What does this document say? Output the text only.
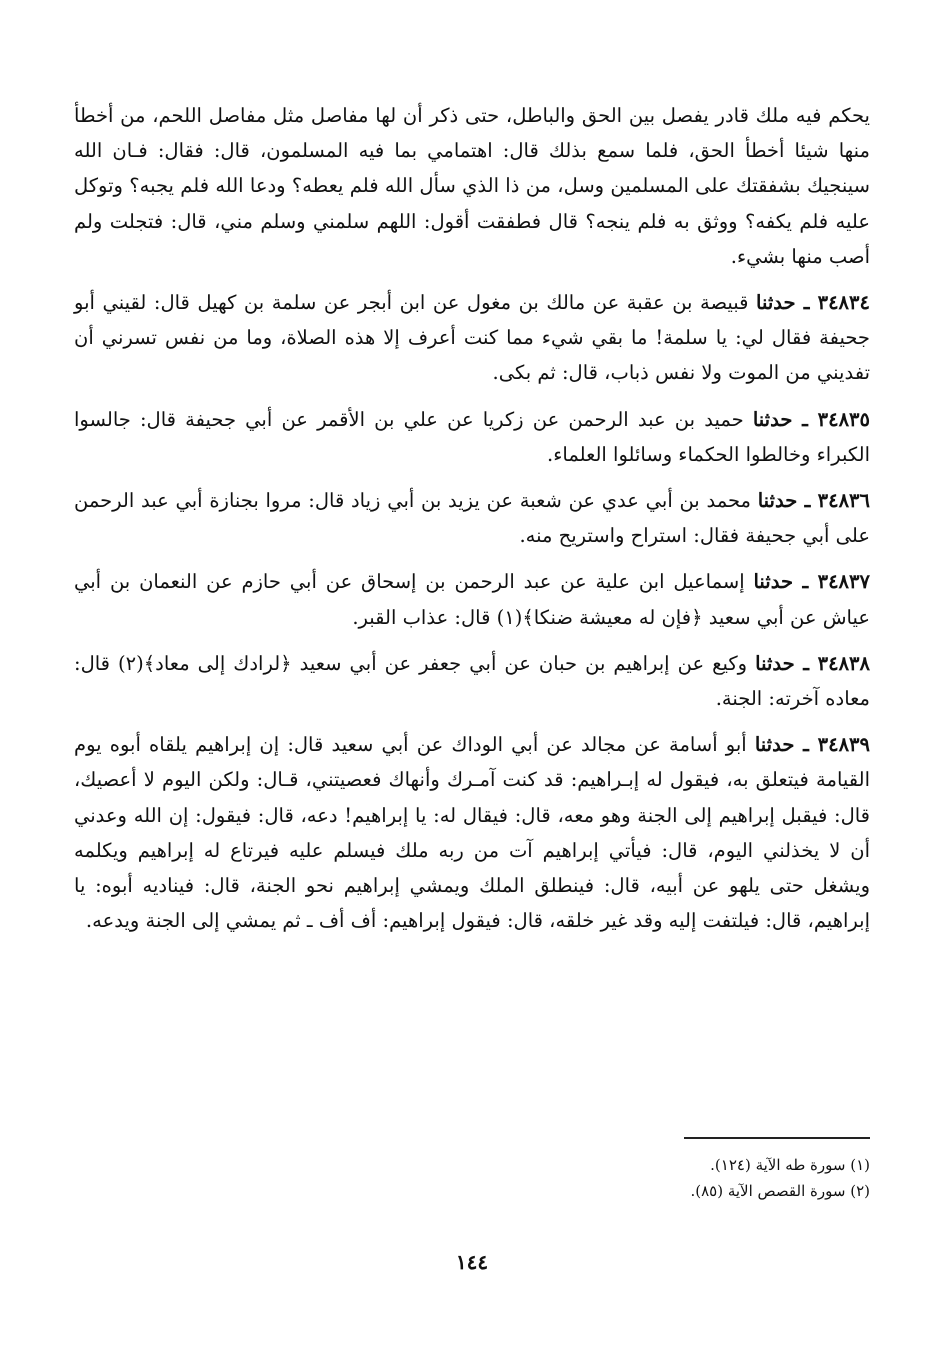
يحكم فيه ملك قادر يفصل بين الحق والباطل، حتى ذكر أن لها مفاصل مثل مفاصل اللحم، من أخطأ منها شيئا أخطأ الحق، فلما سمع بذلك قال: اهتمامي بما فيه المسلمون، قال: فقال: فـان الله سينجيك بشفقتك على المسلمين وسل، من ذا الذي سأل الله فلم يعطه؟ ودعا الله فلم يجبه؟ وتوكل عليه فلم يكفه؟ ووثق به فلم ينجه؟ قال فطفقت أقول: اللهم سلمني وسلم مني، قال: فتجلت ولم أصب منها بشيء.

٣٤٨٣٤ ـ حدثنا قبيصة بن عقبة عن مالك بن مغول عن ابن أبجر عن سلمة بن كهيل قال: لقيني أبو جحيفة فقال لي: يا سلمة! ما بقي شيء مما كنت أعرف إلا هذه الصلاة، وما من نفس تسرني أن تفديني من الموت ولا نفس ذباب، قال: ثم بكى.

٣٤٨٣٥ ـ حدثنا حميد بن عبد الرحمن عن زكريا عن علي بن الأقمر عن أبي جحيفة قال: جالسوا الكبراء وخالطوا الحكماء وسائلوا العلماء.

٣٤٨٣٦ ـ حدثنا محمد بن أبي عدي عن شعبة عن يزيد بن أبي زياد قال: مروا بجنازة أبي عبد الرحمن على أبي جحيفة فقال: استراح واستريح منه.

٣٤٨٣٧ ـ حدثنا إسماعيل ابن علية عن عبد الرحمن بن إسحاق عن أبي حازم عن النعمان بن أبي عياش عن أبي سعيد ﴿فإن له معيشة ضنكا﴾(١) قال: عذاب القبر.

٣٤٨٣٨ ـ حدثنا وكيع عن إبراهيم بن حبان عن أبي جعفر عن أبي سعيد ﴿لرادك إلى معاد﴾(٢) قال: معاده آخرته: الجنة.

٣٤٨٣٩ ـ حدثنا أبو أسامة عن مجالد عن أبي الوداك عن أبي سعيد قال: إن إبراهيم يلقاه أبوه يوم القيامة فيتعلق به، فيقول له إبـراهيم: قد كنت آمـرك وأنهاك فعصيتني، قـال: ولكن اليوم لا أعصيك، قال: فيقبل إبراهيم إلى الجنة وهو معه، قال: فيقال له: يا إبراهيم! دعه، قال: فيقول: إن الله وعدني أن لا يخذلني اليوم، قال: فيأتي إبراهيم آت من ربه ملك فيسلم عليه فيرتاع له إبراهيم ويكلمه ويشغل حتى يلهو عن أبيه، قال: فينطلق الملك ويمشي إبراهيم نحو الجنة، قال: فيناديه أبوه: يا إبراهيم، قال: فيلتفت إليه وقد غير خلقه، قال: فيقول إبراهيم: أف أف ـ ثم يمشي إلى الجنة ويدعه.

(١) سورة طه الآية (١٢٤).
(٢) سورة القصص الآية (٨٥).
١٤٤
